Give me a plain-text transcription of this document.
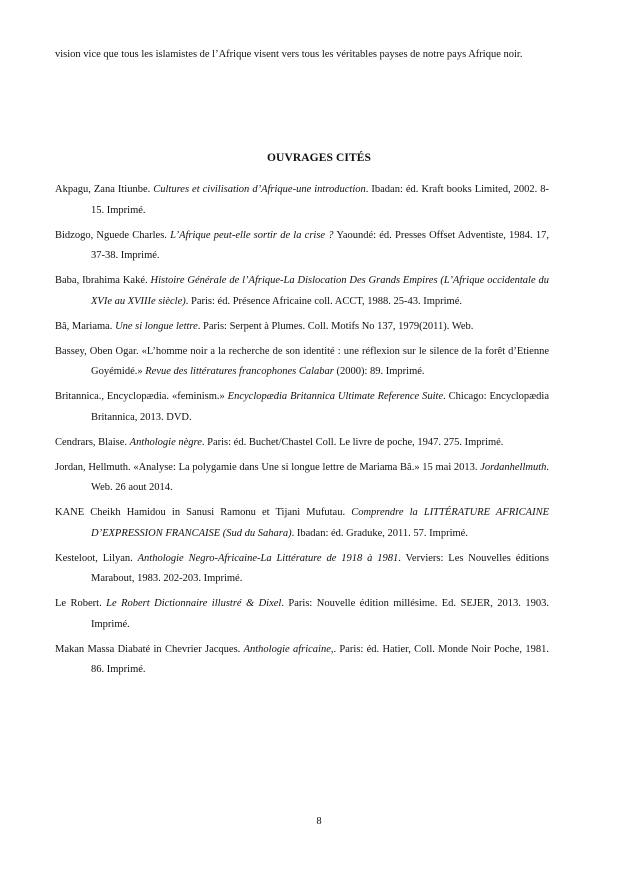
vision vice que tous les islamistes de l’Afrique visent vers tous les véritables payses de notre pays Afrique noir.

OUVRAGES CITÉS
Akpagu, Zana Itiunbe. Cultures et civilisation d’Afrique-une introduction. Ibadan: éd. Kraft books Limited, 2002. 8-15. Imprimé.
Bidzogo, Nguede Charles. L’Afrique peut-elle sortir de la crise ? Yaoundé: éd. Presses Offset Adventiste, 1984. 17, 37-38. Imprimé.
Baba, Ibrahima Kaké. Histoire Générale de l’Afrique-La Dislocation Des Grands Empires (L’Afrique occidentale du XVIe au XVIIIe siècle). Paris: éd. Présence Africaine coll. ACCT, 1988. 25-43. Imprimé.
Bâ, Mariama. Une si longue lettre. Paris: Serpent à Plumes. Coll. Motifs No 137, 1979(2011). Web.
Bassey, Oben Ogar. «L’homme noir a la recherche de son identité : une réflexion sur le silence de la forêt d’Etienne Goyémidé.» Revue des littératures francophones Calabar (2000): 89. Imprimé.
Britannica., Encyclopædia. «feminism.» Encyclopædia Britannica Ultimate Reference Suite. Chicago: Encyclopædia Britannica, 2013. DVD.
Cendrars, Blaise. Anthologie nègre. Paris: éd. Buchet/Chastel Coll. Le livre de poche, 1947. 275. Imprimé.
Jordan, Hellmuth. «Analyse: La polygamie dans Une si longue lettre de Mariama Bâ.» 15 mai 2013. Jordanhellmuth. Web. 26 aout 2014.
KANE Cheikh Hamidou in Sanusi Ramonu et Tijani Mufutau. Comprendre la LITTÉRATURE AFRICAINE D’EXPRESSION FRANCAISE (Sud du Sahara). Ibadan: éd. Graduke, 2011. 57. Imprimé.
Kesteloot, Lilyan. Anthologie Negro-Africaine-La Littérature de 1918 à 1981. Verviers: Les Nouvelles éditions Marabout, 1983. 202-203. Imprimé.
Le Robert. Le Robert Dictionnaire illustré & Dixel. Paris: Nouvelle édition millésime. Ed. SEJER, 2013. 1903. Imprimé.
Makan Massa Diabaté in Chevrier Jacques. Anthologie africaine,. Paris: éd. Hatier, Coll. Monde Noir Poche, 1981. 86. Imprimé.

8
